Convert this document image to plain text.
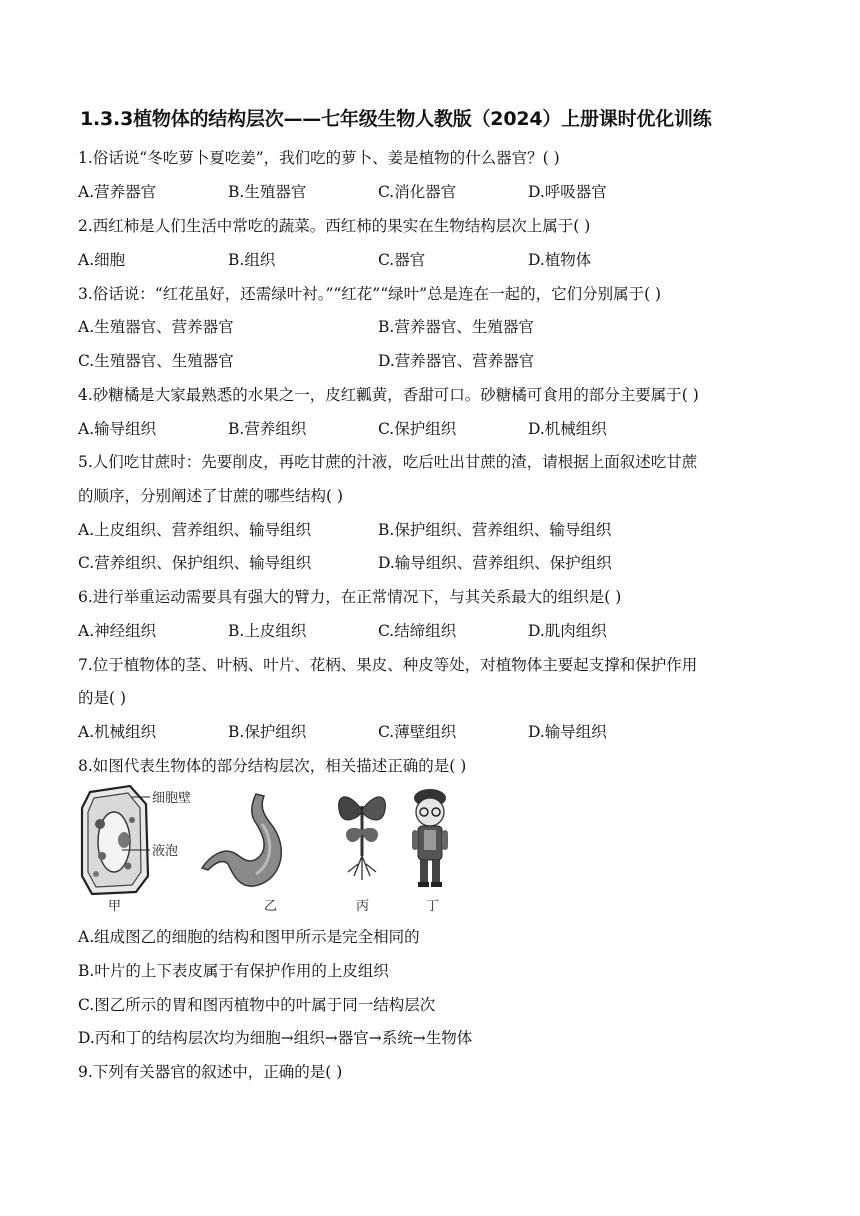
1.3.3植物体的结构层次——七年级生物人教版（2024）上册课时优化训练
1.俗话说“冬吃萝卜夏吃姜”，我们吃的萝卜、姜是植物的什么器官？( )
A.营养器官	B.生殖器官	C.消化器官	D.呼吸器官
2.西红柿是人们生活中常吃的蔬菜。西红柿的果实在生物结构层次上属于( )
A.细胞	B.组织	C.器官	D.植物体
3.俗话说：“红花虽好，还需绿叶衬。”“红花”“绿叶”总是连在一起的，它们分别属于( )
A.生殖器官、营养器官	B.营养器官、生殖器官
C.生殖器官、生殖器官	D.营养器官、营养器官
4.砂糖橘是大家最熟悉的水果之一，皮红瓤黄，香甜可口。砂糖橘可食用的部分主要属于( )
A.输导组织	B.营养组织	C.保护组织	D.机械组织
5.人们吃甘蔗时：先要削皮，再吃甘蔗的汁液，吃后吐出甘蔗的渣，请根据上面叙述吃甘蔗
的顺序，分别阐述了甘蔗的哪些结构( )
A.上皮组织、营养组织、输导组织	B.保护组织、营养组织、输导组织
C.营养组织、保护组织、输导组织	D.输导组织、营养组织、保护组织
6.进行举重运动需要具有强大的臂力，在正常情况下，与其关系最大的组织是( )
A.神经组织	B.上皮组织	C.结缔组织	D.肌肉组织
7.位于植物体的茎、叶柄、叶片、花柄、果皮、种皮等处，对植物体主要起支撑和保护作用
的是( )
A.机械组织	B.保护组织	C.薄壁组织	D.输导组织
8.如图代表生物体的部分结构层次，相关描述正确的是( )
细胞壁
液泡
甲	乙	丙	丁
A.组成图乙的细胞的结构和图甲所示是完全相同的
B.叶片的上下表皮属于有保护作用的上皮组织
C.图乙所示的胃和图丙植物中的叶属于同一结构层次
D.丙和丁的结构层次均为细胞→组织→器官→系统→生物体
9.下列有关器官的叙述中，正确的是( )
